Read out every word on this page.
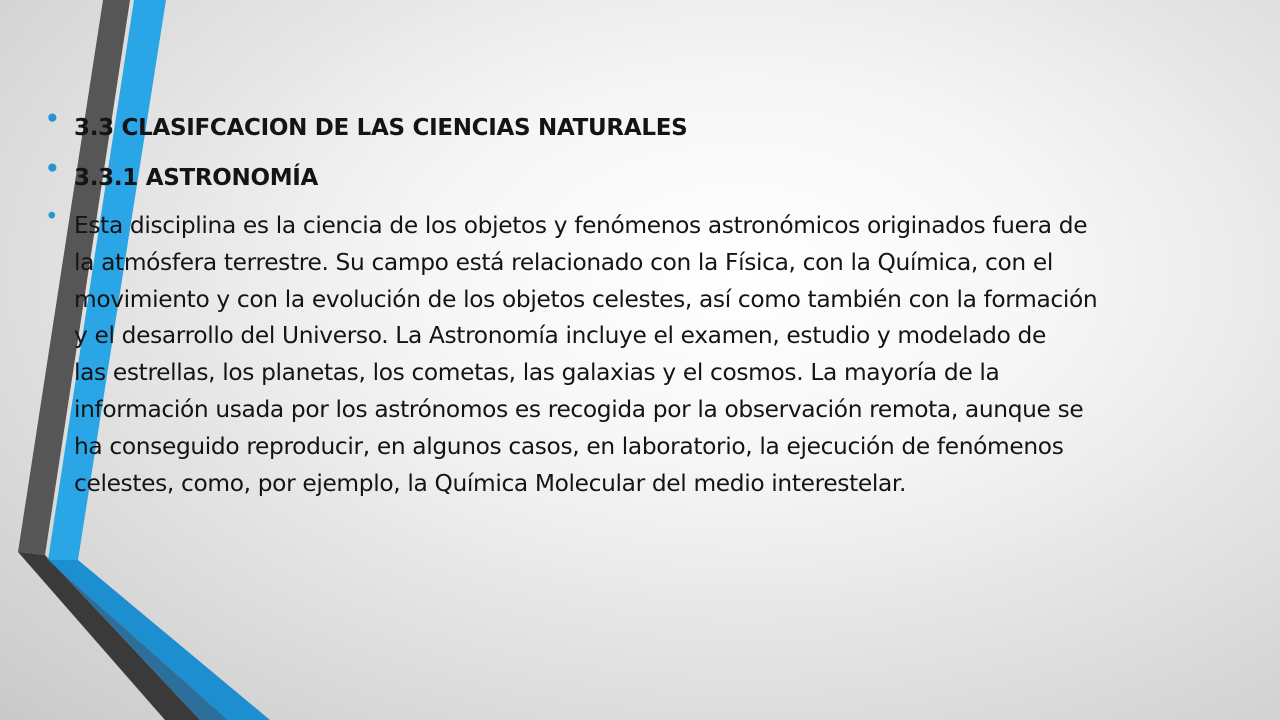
• 3.3 CLASIFCACION DE LAS CIENCIAS NATURALES
• 3.3.1 ASTRONOMÍA
• Esta disciplina es la ciencia de los objetos y fenómenos astronómicos originados fuera de
la atmósfera terrestre. Su campo está relacionado con la Física, con la Química, con el
movimiento y con la evolución de los objetos celestes, así como también con la formación
y el desarrollo del Universo. La Astronomía incluye el examen, estudio y modelado de
las estrellas, los planetas, los cometas, las galaxias y el cosmos. La mayoría de la
información usada por los astrónomos es recogida por la observación remota, aunque se
ha conseguido reproducir, en algunos casos, en laboratorio, la ejecución de fenómenos
celestes, como, por ejemplo, la Química Molecular del medio interestelar.
